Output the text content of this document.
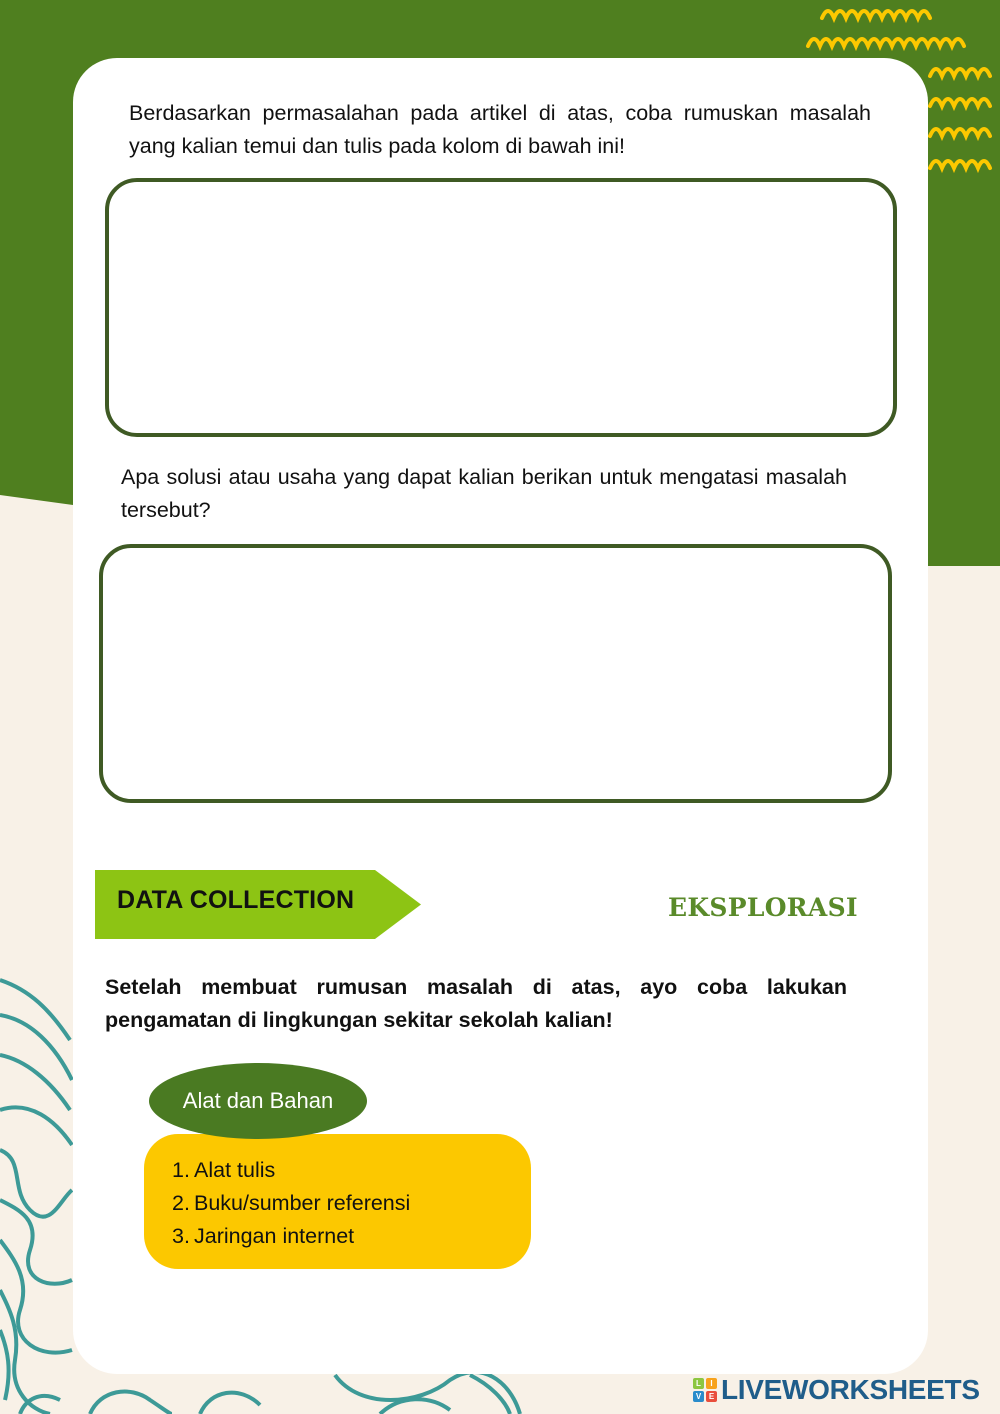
Berdasarkan permasalahan pada artikel di atas, coba rumuskan masalah yang kalian temui dan tulis pada kolom di bawah ini!

Apa solusi atau usaha yang dapat kalian berikan untuk mengatasi masalah tersebut?

DATA COLLECTION	EKSPLORASI

Setelah membuat rumusan masalah di atas, ayo coba lakukan pengamatan di lingkungan sekitar sekolah kalian!

1. Alat tulis
2. Buku/sumber referensi
3. Jaringan internet
Alat dan Bahan
L	I
V E LIVEWORKSHEETS
